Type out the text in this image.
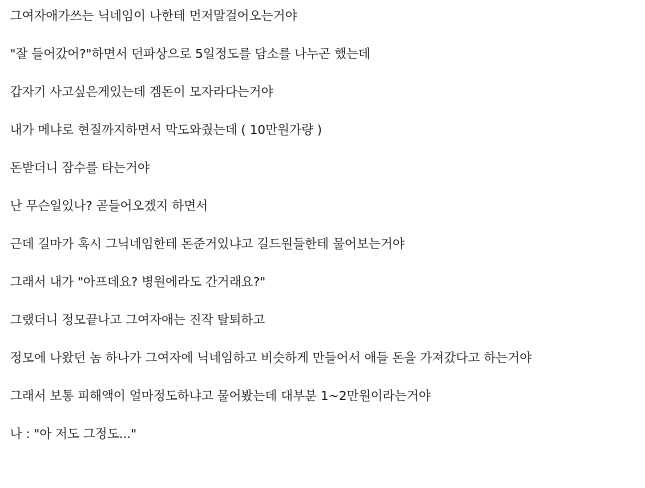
그여자애가쓰는 닉네임이 나한테 먼저말걸어오는거야

"잘 들어갔어?"하면서 던파상으로 5일정도를 담소를 나누곤 했는데

갑자기 사고싶은게있는데 겜돈이 모자라다는거야

내가 메냐로 현질까지하면서 막도와줬는데 ( 10만원가량 )

돈받더니 잠수를 타는거야

난 무슨일있나? 곧들어오겠지 하면서

근데 길마가 혹시 그닉네임한테 돈준거있냐고 길드원들한테 물어보는거야

그래서 내가 "아프데요? 병원에라도 간거래요?"

그랬더니 정모끝나고 그여자애는 진작 탈퇴하고

정모에 나왔던 놈 하나가 그여자에 닉네임하고 비슷하게 만들어서 애들 돈을 가져갔다고 하는거야

그래서 보통 피해액이 얼마정도하냐고 물어봤는데 대부분 1~2만원이라는거야

나 : "아 저도 그정도..."
